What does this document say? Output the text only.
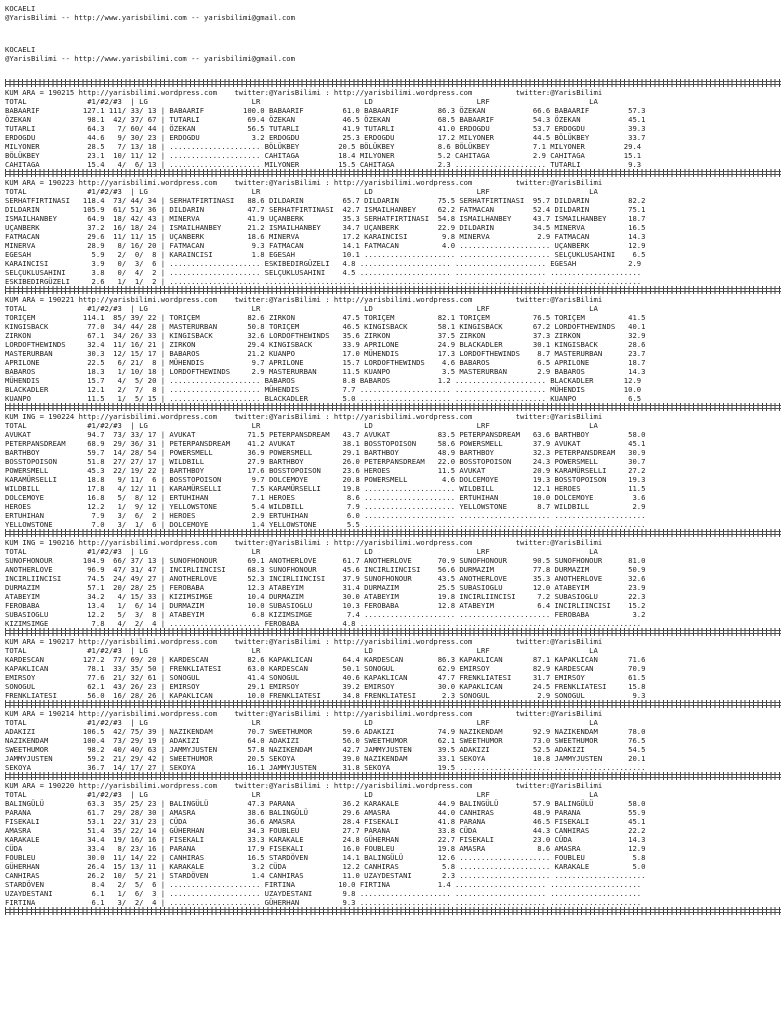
KOCAELI
@YarisBilimi -- http://www.yarisbilimi.com -- yarisbilimi@gmail.com
KOCAELI
@YarisBilimi -- http://www.yarisbilimi.com -- yarisbilimi@gmail.com
KUM ARA = 190215 http://yarisbilimi.wordpress.com    twitter:@YarisBilimi : http://yarisbilimi.wordpress.com          twitter:@YarisBilimi
TOTAL              #1/#2/#3  | LG                        LR                        LD                        LRF                       LA
BABAARIF          127.1 111/ 33/ 13 | BABAARIF         100.0 BABAARIF         61.0 BABAARIF         86.3 ÖZEKAN           66.6 BABAARIF         57.3
ÖZEKAN             98.1  42/ 37/ 67 | TUTARLI           69.4 ÖZEKAN           46.5 ÖZEKAN           68.5 BABAARIF         54.3 ÖZEKAN           45.1
TUTARLI            64.3   7/ 60/ 44 | ÖZEKAN            56.5 TUTARLI          41.9 TUTARLI          41.0 ERDOGDU          53.7 ERDOGDU          39.3
ERDOGDU            44.6   9/ 30/ 23 | ERDOGDU            3.2 ERDOGDU          25.3 ERDOGDU          17.2 MILYONER         44.5 BÖLÜKBEY         33.7
MILYONER           28.5   7/ 13/ 18 | ..................... BÖLÜKBEY         20.5 BÖLÜKBEY          8.6 BÖLÜKBEY          7.1 MILYONER         29.4
BÖLÜKBEY           23.1  10/ 11/ 12 | ..................... CAHITAGA         18.4 MILYONER          5.2 CAHITAGA          2.9 CAHITAGA         15.1
CAHITAGA           15.4   4/  6/ 13 | ..................... MILYONER         15.5 CAHITAGA          2.3 ..................... TUTARLI           9.3
KUM ARA = 190223 http://yarisbilimi.wordpress.com    twitter:@YarisBilimi : http://yarisbilimi.wordpress.com          twitter:@YarisBilimi
TOTAL              #1/#2/#3  | LG                        LR                        LD                        LRF                       LA
SERHATFIRTINASI   118.4  73/ 44/ 34 | SERHATFIRTINASI   88.6 DILDARIN         65.7 DILDARIN         75.5 SERHATFIRTINASI  95.7 DILDARIN         82.2
DILDARIN          105.9  61/ 51/ 36 | DILDARIN          47.7 SERHATFIRTINASI  42.7 ISMAILHANBEY     62.2 FATMACAN         52.4 DILDARIN         75.1
ISMAILHANBEY       64.9  18/ 42/ 43 | MINERVA           41.9 UÇANBERK         35.3 SERHATFIRTINASI  54.8 ISMAILHANBEY     43.7 ISMAILHANBEY     18.7
UÇANBERK           37.2  16/ 18/ 24 | ISMAILHANBEY      21.2 ISMAILHANBEY     34.7 UÇANBERK         22.9 DILDARIN         34.5 MINERVA          16.5
FATMACAN           29.6  11/ 11/ 15 | UÇANBERK          18.6 MINERVA          17.2 KARAINCISI        9.8 MINERVA           2.9 FATMACAN         14.3
MINERVA            28.9   8/ 16/ 20 | FATMACAN           9.3 FATMACAN         14.1 FATMACAN          4.0 ..................... UÇANBERK         12.9
EGESAH              5.9   2/  0/  8 | KARAINCISI         1.8 EGESAH           10.1 ..................... ..................... SELÇUKLUSAHINI    6.5
KARAINCISI          3.9   0/  3/  6 | ..................... ESKIBEDIRGÜZELI   4.8 ..................... ..................... EGESAH            2.9
SELÇUKLUSAHINI      3.8   0/  4/  2 | ..................... SELÇUKLUSAHINI    4.5 ..................... ..................... .....................
ESKIBEDIRGÜZELI     2.6   1/  1/  2 | ..................... ..................... ..................... ..................... .....................
KUM ARA = 190221 http://yarisbilimi.wordpress.com    twitter:@YarisBilimi : http://yarisbilimi.wordpress.com          twitter:@YarisBilimi
TOTAL              #1/#2/#3  | LG                        LR                        LD                        LRF                       LA
TORIÇEM           114.1  85/ 39/ 22 | TORIÇEM           82.6 ZIRKON           47.5 TORIÇEM          82.1 TORIÇEM          76.5 TORIÇEM          41.5
KINGISBACK         77.0  34/ 44/ 28 | MASTERURBAN       50.8 TORIÇEM          46.5 KINGISBACK       58.1 KINGISBACK       67.2 LORDOFTHEWINDS   40.1
ZIRKON             67.1  34/ 26/ 33 | KINGISBACK        32.6 LORDOFTHEWINDS   35.6 ZIRKON           37.5 ZIRKON           37.3 ZIRKON           32.9
LORDOFTHEWINDS     32.4  11/ 16/ 21 | ZIRKON            29.4 KINGISBACK       33.9 APRILONE         24.9 BLACKADLER       30.1 KINGISBACK       28.6
MASTERURBAN        30.3  12/ 15/ 17 | BABAROS           21.2 KUANPO           17.0 MÜHENDIS         17.3 LORDOFTHEWINDS    8.7 MASTERURBAN      23.7
APRILONE           22.5   6/ 21/  8 | MÜHENDIS           9.7 APRILONE         15.7 LORDOFTHEWINDS    4.6 BABAROS           6.5 APRILONE         18.7
BABAROS            18.3   1/ 10/ 18 | LORDOFTHEWINDS     2.9 MASTERURBAN      11.5 KUANPO            3.5 MASTERURBAN       2.9 BABAROS          14.3
MÜHENDIS           15.7   4/  5/ 20 | ..................... BABAROS           8.8 BABAROS           1.2 ..................... BLACKADLER       12.9
BLACKADLER         12.1   2/  7/  8 | ..................... MÜHENDIS          7.7 ..................... ..................... MÜHENDIS         10.0
KUANPO             11.5   1/  5/ 15 | ..................... BLACKADLER        5.0 ..................... ..................... KUANPO            6.5
KUM ING = 190224 http://yarisbilimi.wordpress.com    twitter:@YarisBilimi : http://yarisbilimi.wordpress.com          twitter:@YarisBilimi
TOTAL              #1/#2/#3  | LG                        LR                        LD                        LRF                       LA
AVUKAT             94.7  73/ 33/ 17 | AVUKAT            71.5 PETERPANSDREAM   43.7 AVUKAT           83.5 PETERPANSDREAM   63.6 BARTHBOY         58.0
PETERPANSDREAM     68.9  29/ 36/ 31 | PETERPANSDREAM    41.2 AVUKAT           38.1 BOSSTOPOISON     58.6 POWERSMELL       37.9 AVUKAT           45.1
BARTHBOY           59.7  14/ 28/ 54 | POWERSMELL        36.9 POWERSMELL       29.1 BARTHBOY         48.9 BARTHBOY         32.3 PETERPANSDREAM   30.9
BOSSTOPOISON       51.8  27/ 27/ 17 | WILDBILL          27.9 BARTHBOY         26.0 PETERPANSDREAM   22.0 BOSSTOPOISON     24.3 POWERSMELL       30.7
POWERSMELL         45.3  22/ 19/ 22 | BARTHBOY          17.6 BOSSTOPOISON     23.6 HEROES           11.5 AVUKAT           20.9 KARAMÜRSELLI     27.2
KARAMÜRSELLI       18.8   9/ 11/  6 | BOSSTOPOISON       9.7 DOLCEMOYE        20.8 POWERSMELL        4.6 DOLCEMOYE        19.3 BOSSTOPOISON     19.3
WILDBILL           17.8   4/ 12/ 11 | KARAMÜRSELLI       7.5 KARAMÜRSELLI     19.8 ..................... WILDBILL         12.1 HEROES           11.5
DOLCEMOYE          16.8   5/  8/ 12 | ERTUHIHAN          7.1 HEROES            8.6 ..................... ERTUHIHAN        10.0 DOLCEMOYE         3.6
HEROES             12.2   1/  9/ 12 | YELLOWSTONE        5.4 WILDBILL          7.9 ..................... YELLOWSTONE       8.7 WILDBILL          2.9
ERTUHIHAN           7.9   3/  6/  2 | HEROES             2.9 ERTUHIHAN         6.0 ..................... ..................... .....................
YELLOWSTONE         7.0   3/  1/  6 | DOLCEMOYE          1.4 YELLOWSTONE       5.5 ..................... ..................... .....................
KUM ING = 190216 http://yarisbilimi.wordpress.com    twitter:@YarisBilimi : http://yarisbilimi.wordpress.com          twitter:@YarisBilimi
TOTAL              #1/#2/#3  | LG                        LR                        LD                        LRF                       LA
SUNOFHONOUR       104.9  66/ 37/ 13 | SUNOFHONOUR       69.1 ANOTHERLOVE      61.7 ANOTHERLOVE      70.9 SUNOFHONOUR      90.5 SUNOFHONOUR      81.0
ANOTHERLOVE        96.9  47/ 31/ 47 | INCIRLIINCISI     68.3 SUNOFHONOUR      45.6 INCIRLIINCISI    56.6 DURMAZIM         77.8 DURMAZIM         50.9
INCIRLIINCISI      74.5  24/ 49/ 27 | ANOTHERLOVE       52.3 INCIRLIINCISI    37.9 SUNOFHONOUR      43.5 ANOTHERLOVE      35.3 ANOTHERLOVE      32.6
DURMAZIM           57.1  20/ 28/ 25 | FEROBABA          12.3 ATABEYIM         31.4 DURMAZIM         25.5 SUBASIOGLU       12.0 ATABEYIM         23.9
ATABEYIM           34.2   4/ 15/ 33 | KIZIMSIMGE        10.4 DURMAZIM         30.0 ATABEYIM         19.8 INCIRLIINCISI     7.2 SUBASIOGLU       22.3
FEROBABA           13.4   1/  6/ 14 | DURMAZIM          10.0 SUBASIOGLU       10.3 FEROBABA         12.8 ATABEYIM          6.4 INCIRLIINCISI    15.2
SUBASIOGLU         12.2   5/  3/  8 | ATABEYIM           6.8 KIZIMSIMGE        7.4 ..................... ..................... FEROBABA          3.2
KIZIMSIMGE          7.8   4/  2/  4 | ..................... FEROBABA          4.8 ..................... ..................... .....................
KUM ARA = 190217 http://yarisbilimi.wordpress.com    twitter:@YarisBilimi : http://yarisbilimi.wordpress.com          twitter:@YarisBilimi
TOTAL              #1/#2/#3  | LG                        LR                        LD                        LRF                       LA
KARDESCAN         127.2  77/ 69/ 20 | KARDESCAN         82.6 KAPAKLICAN       64.4 KARDESCAN        86.3 KAPAKLICAN       87.1 KAPAKLICAN       71.6
KAPAKLICAN         78.1  33/ 35/ 50 | FRENKLIATESI      63.0 KARDESCAN        50.1 SONOGUL          62.9 EMIRSOY          82.9 KARDESCAN        70.9
EMIRSOY            77.6  21/ 32/ 61 | SONOGUL           41.4 SONOGUL          40.6 KAPAKLICAN       47.7 FRENKLIATESI     31.7 EMIRSOY          61.5
SONOGUL            62.1  43/ 26/ 23 | EMIRSOY           29.1 EMIRSOY          39.2 EMIRSOY          30.0 KAPAKLICAN       24.5 FRENKLIATESI     15.8
FRENKLIATESI       56.0  16/ 28/ 26 | KAPAKLICAN        10.0 FRENKLIATESI     34.8 FRENKLIATESI      2.3 SONOGUL           2.9 SONOGUL           9.3
KUM ARA = 190214 http://yarisbilimi.wordpress.com    twitter:@YarisBilimi : http://yarisbilimi.wordpress.com          twitter:@YarisBilimi
TOTAL              #1/#2/#3  | LG                        LR                        LD                        LRF                       LA
ADAKIZI           106.5  42/ 75/ 39 | NAZIKENDAM        70.7 SWEETHUMOR       59.6 ADAKIZI          74.9 NAZIKENDAM       92.9 NAZIKENDAM       78.0
NAZIKENDAM        100.4  73/ 29/ 19 | ADAKIZI           64.0 ADAKIZI          56.0 SWEETHUMOR       62.1 SWEETHUMOR       73.0 SWEETHUMOR       76.5
SWEETHUMOR         98.2  40/ 40/ 63 | JAMMYJUSTEN       57.8 NAZIKENDAM       42.7 JAMMYJUSTEN      39.5 ADAKIZI          52.5 ADAKIZI          54.5
JAMMYJUSTEN        59.2  21/ 29/ 42 | SWEETHUMOR        20.5 SEKOYA           39.0 NAZIKENDAM       33.1 SEKOYA           10.8 JAMMYJUSTEN      20.1
SEKOYA             36.7  14/ 17/ 27 | SEKOYA            16.1 JAMMYJUSTEN      31.8 SEKOYA           19.5 ..................... .....................
KUM ARA = 190220 http://yarisbilimi.wordpress.com    twitter:@YarisBilimi : http://yarisbilimi.wordpress.com          twitter:@YarisBilimi
TOTAL              #1/#2/#3  | LG                        LR                        LD                        LRF                       LA
BALINGÜLÜ          63.3  35/ 25/ 23 | BALINGÜLÜ         47.3 PARANA           36.2 KARAKALE         44.9 BALINGÜLÜ        57.9 BALINGÜLÜ        58.0
PARANA             61.7  29/ 28/ 30 | AMASRA            38.6 BALINGÜLÜ        29.6 AMASRA           44.0 CANHIRAS         48.9 PARANA           55.9
FISEKALI           53.1  22/ 31/ 23 | CÜDA              36.6 AMASRA           28.4 FISEKALI         41.8 PARANA           46.5 FISEKALI         45.1
AMASRA             51.4  35/ 22/ 14 | GÜHERHAN          34.3 FOUBLEU          27.7 PARANA           33.8 CÜDA             44.3 CANHIRAS         22.2
KARAKALE           34.4  19/ 16/ 16 | FISEKALI          33.3 KARAKALE         24.8 GÜHERHAN         22.7 FISEKALI         23.0 CÜDA             14.3
CÜDA               33.4   8/ 23/ 16 | PARANA            17.9 FISEKALI         16.0 FOUBLEU          19.8 AMASRA            8.6 AMASRA           12.9
FOUBLEU            30.0  11/ 14/ 22 | CANHIRAS          16.5 STARDÖVEN        14.1 BALINGÜLÜ        12.6 ..................... FOUBLEU           5.8
GÜHERHAN           26.4  15/ 13/ 11 | KARAKALE           3.2 CÜDA             12.2 CANHIRAS          5.8 ..................... KARAKALE          5.0
CANHIRAS           26.2  10/  5/ 21 | STARDÖVEN          1.4 CANHIRAS         11.0 UZAYDESTANI       2.3 ..................... .....................
STARDÖVEN           8.4   2/  5/  6 | ..................... FIRTINA          10.0 FIRTINA           1.4 ..................... .....................
UZAYDESTANI         6.1   1/  6/  3 | ..................... UZAYDESTANI       9.8 ..................... ..................... .....................
FIRTINA             6.1   3/  2/  4 | ..................... GÜHERHAN          9.3 ..................... ..................... .....................
